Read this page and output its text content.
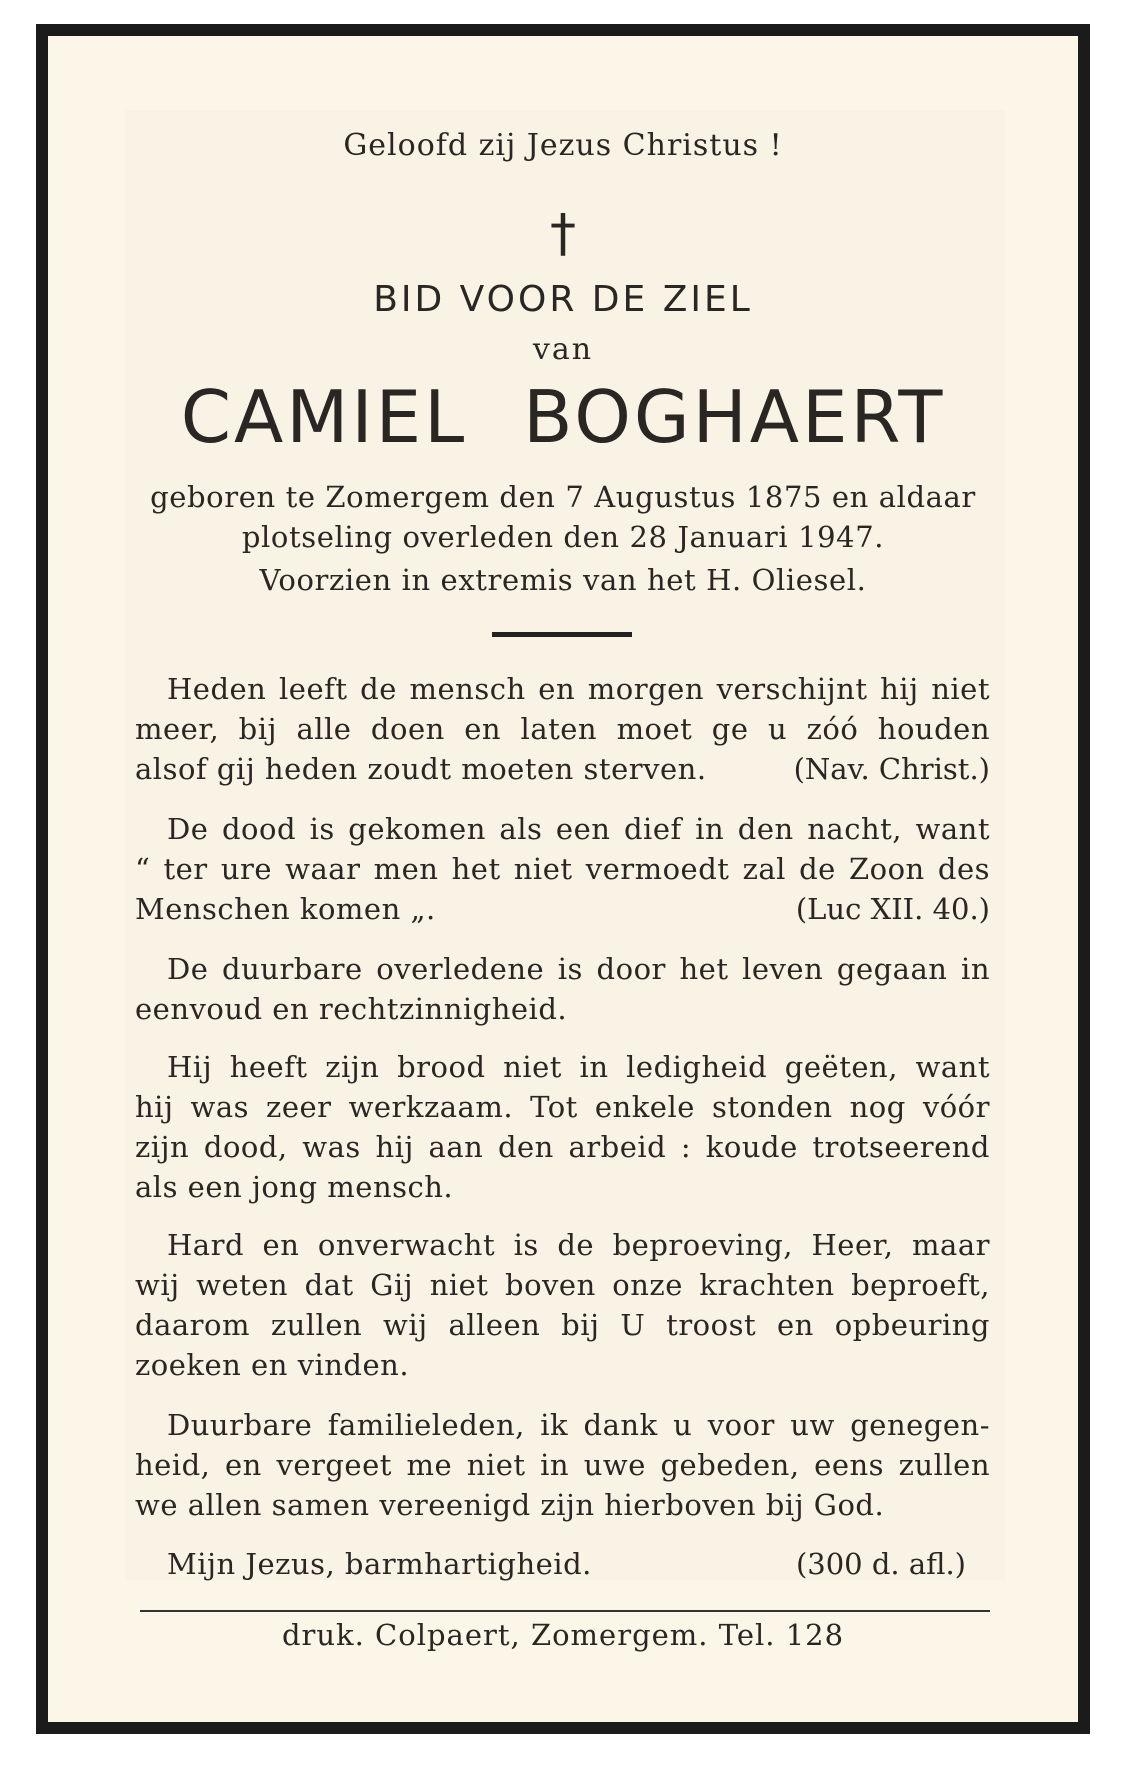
Geloofd zij Jezus Christus !
†
BID VOOR DE ZIEL
van
CAMIEL BOGHAERT
geboren te Zomergem den 7 Augustus 1875 en aldaar
plotseling overleden den 28 Januari 1947.
Voorzien in extremis van het H. Oliesel.
Heden leeft de mensch en morgen verschijnt hij niet
meer, bij alle doen en laten moet ge u zóó houden
alsof gij heden zoudt moeten sterven.	(Nav. Christ.)
De dood is gekomen als een dief in den nacht, want
“ ter ure waar men het niet vermoedt zal de Zoon des
Menschen komen „.	(Luc XII. 40.)
De duurbare overledene is door het leven gegaan in
eenvoud en rechtzinnigheid.
Hij heeft zijn brood niet in ledigheid geëten, want
hij was zeer werkzaam. Tot enkele stonden nog vóór
zijn dood, was hij aan den arbeid : koude trotseerend
als een jong mensch.
Hard en onverwacht is de beproeving, Heer, maar
wij weten dat Gij niet boven onze krachten beproeft,
daarom zullen wij alleen bij U troost en opbeuring
zoeken en vinden.
Duurbare familieleden, ik dank u voor uw genegen-
heid, en vergeet me niet in uwe gebeden, eens zullen
we allen samen vereenigd zijn hierboven bij God.
Mijn Jezus, barmhartigheid.	(300 d. afl.)
druk. Colpaert, Zomergem. Tel. 128
